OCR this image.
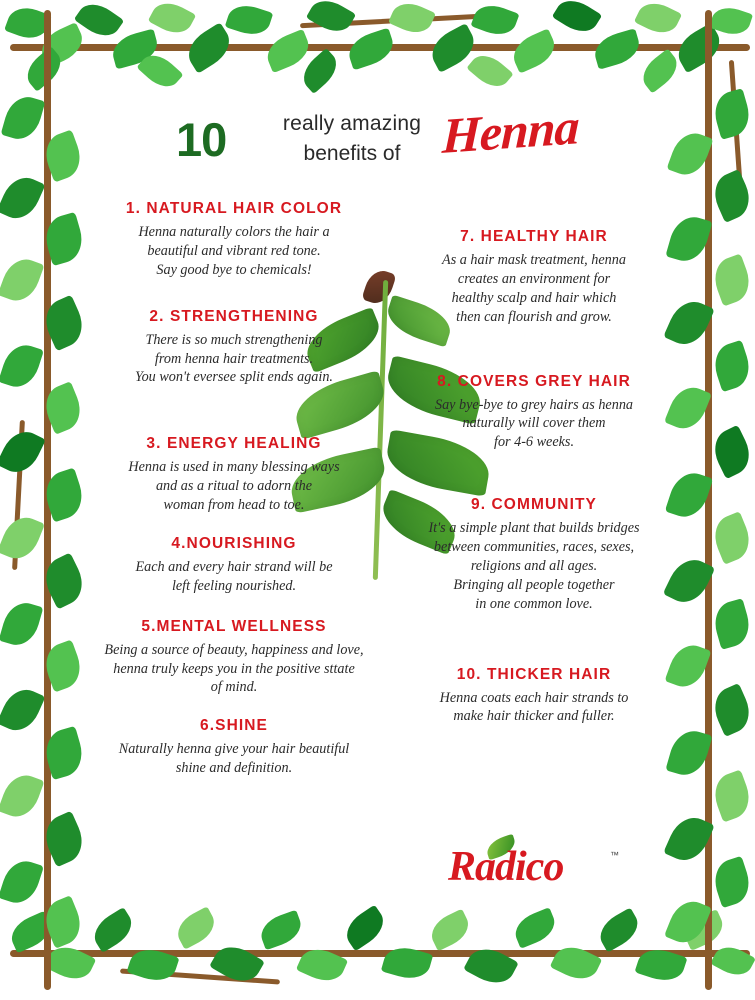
10	really amazing
benefits of Henna
1. NATURAL HAIR COLOR

Henna naturally colors the hair a
beautiful and vibrant red tone.
Say good bye to chemicals!

2. STRENGTHENING

There is so much strengthening
from henna hair treatments.
You won't eversee split ends again.

3. ENERGY HEALING

Henna is used in many blessing ways
and as a ritual to adorn the
woman from head to toe.

4.NOURISHING

Each and every hair strand will be
left feeling nourished.

5.MENTAL WELLNESS

Being a source of beauty, happiness and love,
henna truly keeps you in the positive sttate
of mind.

6.SHINE

Naturally henna give your hair beautiful
shine and definition.

7. HEALTHY HAIR

As a hair mask treatment, henna
creates an environment for
healthy scalp and hair which
then can flourish and grow.

8. COVERS GREY HAIR

Say bye-bye to grey hairs as henna
naturally will cover them
for 4-6 weeks.

9. COMMUNITY

It's a simple plant that builds bridges
between communities, races, sexes,
religions and all ages.
Bringing all people together
in one common love.

10. THICKER HAIR

Henna coats each hair strands to
make hair thicker and fuller.

Radico	™
